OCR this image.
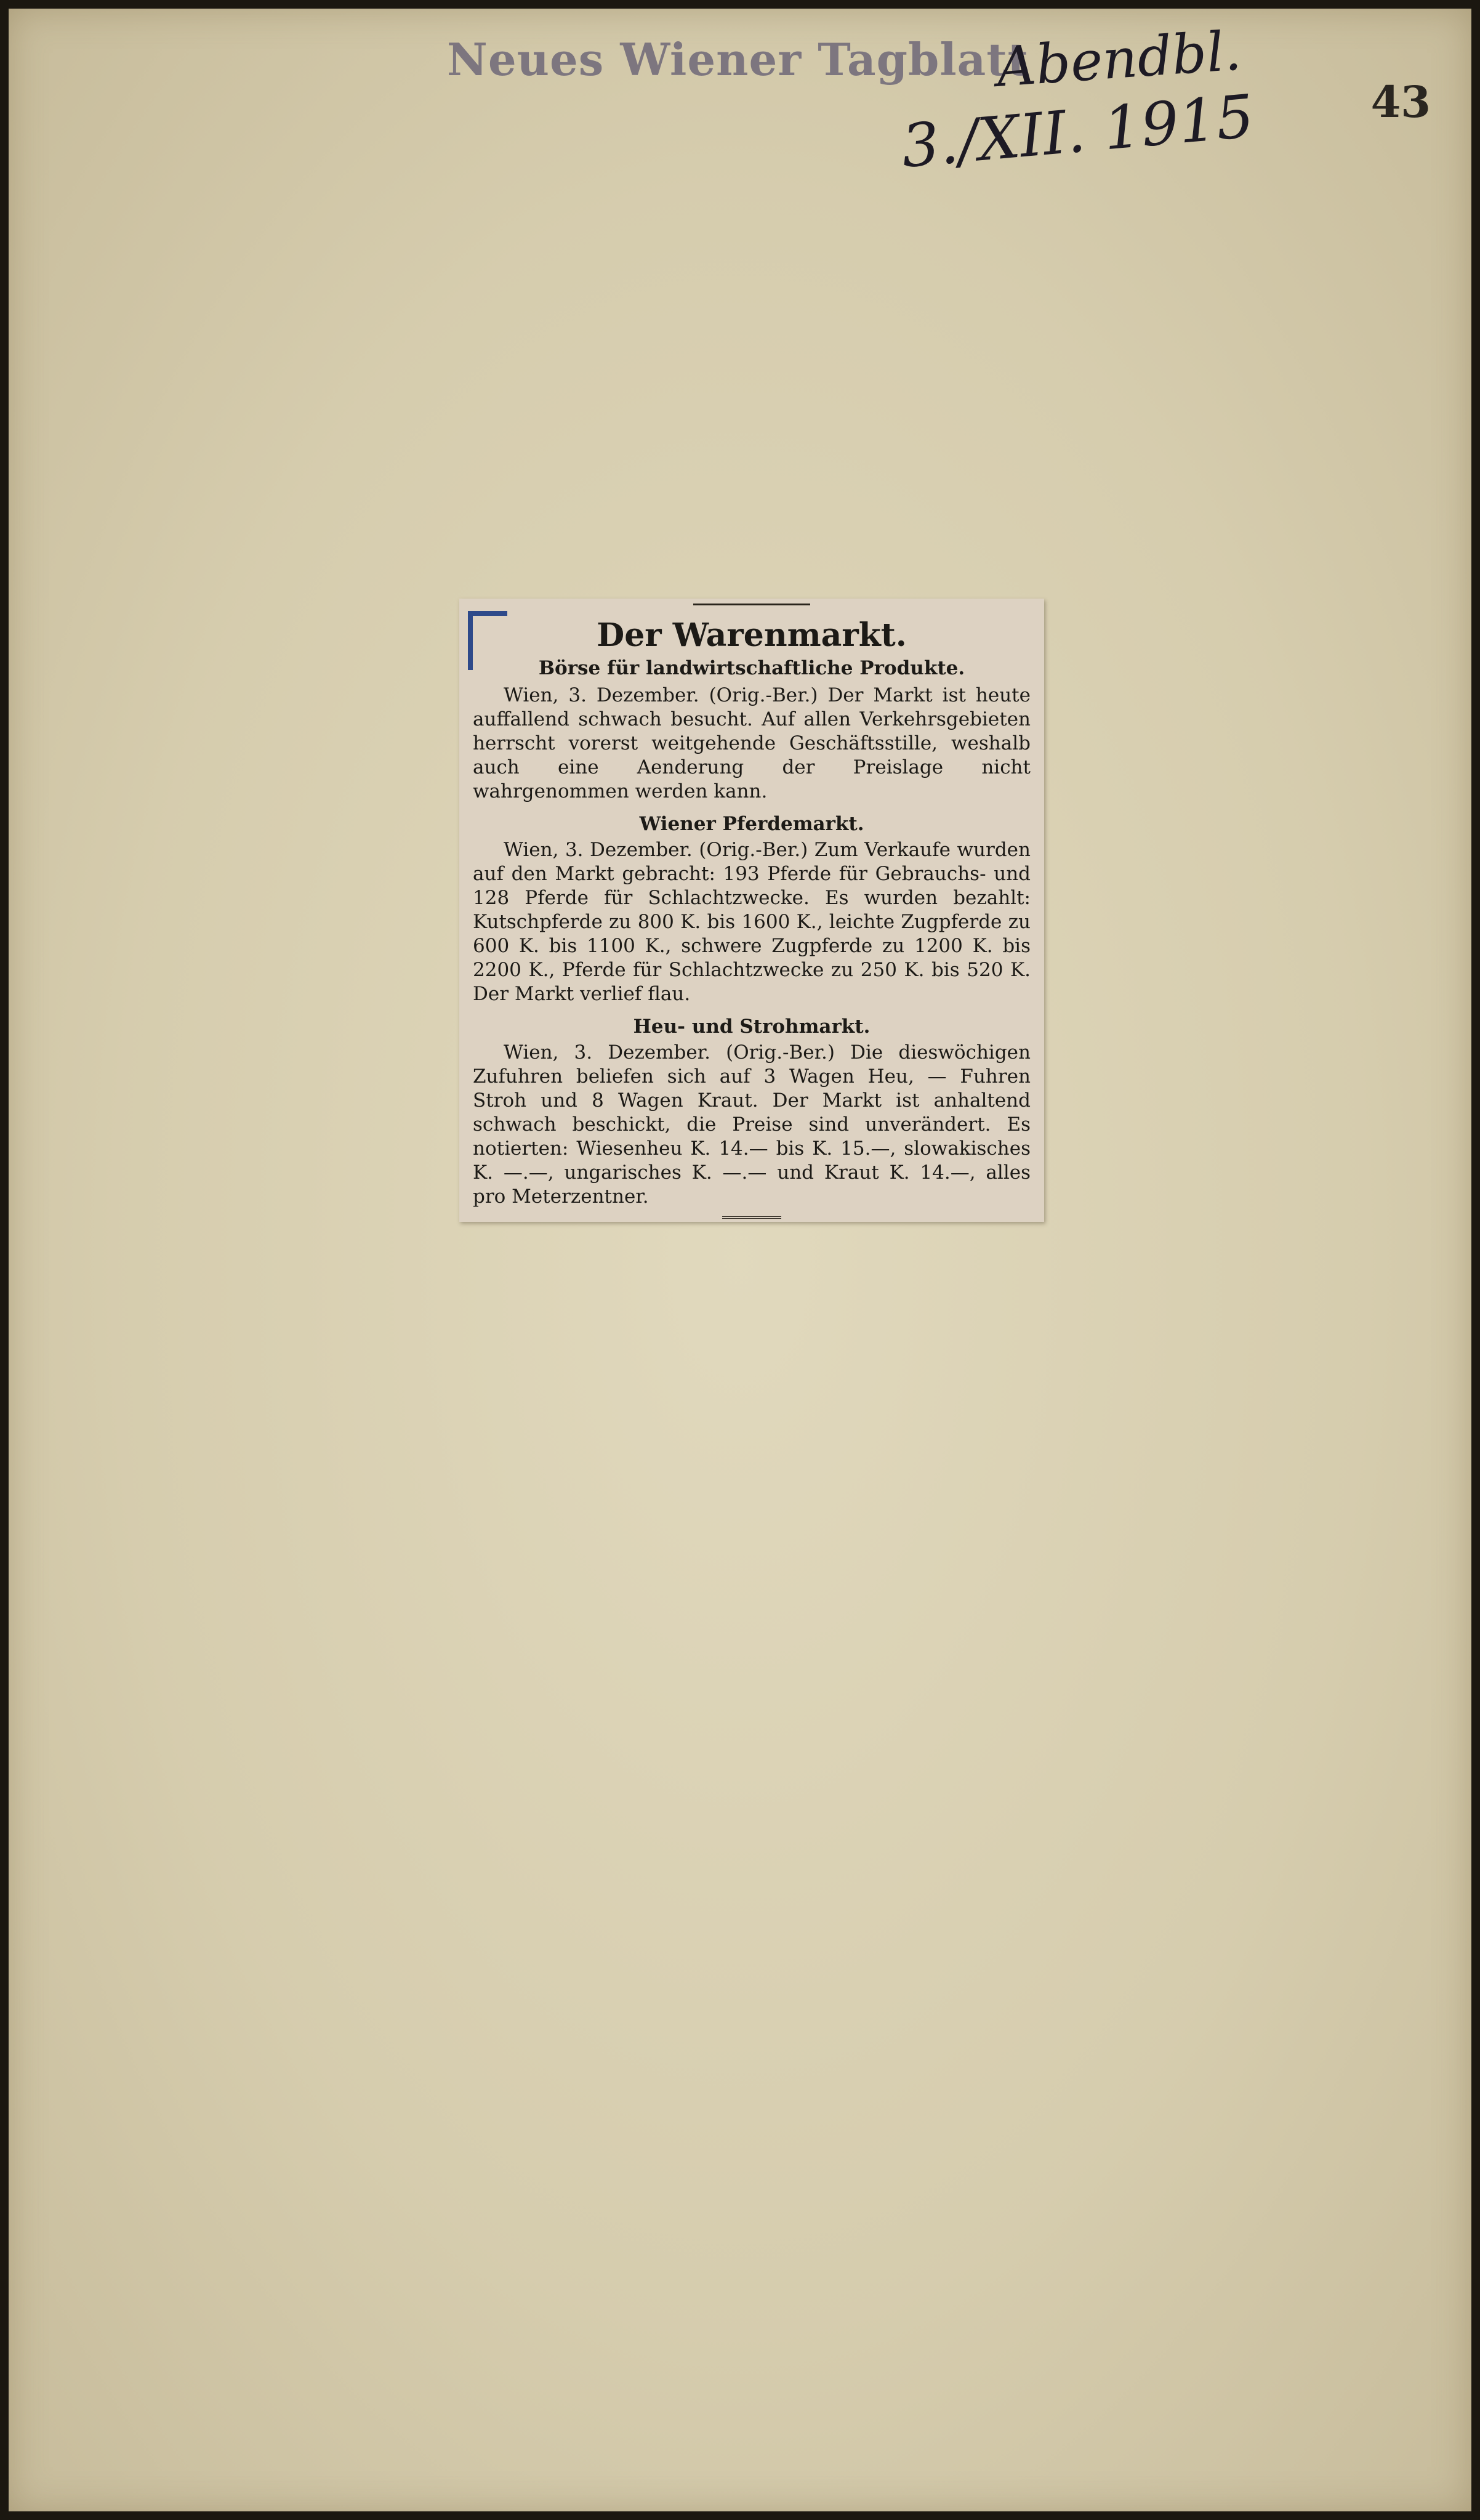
Neues Wiener Tagblatt
Abendbl.
3./XII. 1915	43
Der Warenmarkt.
Börse für landwirtschaftliche Produkte.

Wien, 3. Dezember. (Orig.-Ber.) Der Markt ist heute auffallend schwach besucht. Auf allen Verkehrsgebieten herrscht vorerst weitgehende Geschäftsstille, weshalb auch eine Aenderung der Preislage nicht wahrgenommen werden kann.

Wiener Pferdemarkt.

Wien, 3. Dezember. (Orig.-Ber.) Zum Verkaufe wurden auf den Markt gebracht: 193 Pferde für Gebrauchs- und 128 Pferde für Schlachtzwecke. Es wurden bezahlt: Kutschpferde zu 800 K. bis 1600 K., leichte Zugpferde zu 600 K. bis 1100 K., schwere Zugpferde zu 1200 K. bis 2200 K., Pferde für Schlachtzwecke zu 250 K. bis 520 K. Der Markt verlief flau.

Heu- und Strohmarkt.

Wien, 3. Dezember. (Orig.-Ber.) Die dieswöchigen Zufuhren beliefen sich auf 3 Wagen Heu, — Fuhren Stroh und 8 Wagen Kraut. Der Markt ist anhaltend schwach beschickt, die Preise sind unverändert. Es notierten: Wiesenheu K. 14.— bis K. 15.—, slowakisches K. —.—, ungarisches K. —.— und Kraut K. 14.—, alles pro Meterzentner.
